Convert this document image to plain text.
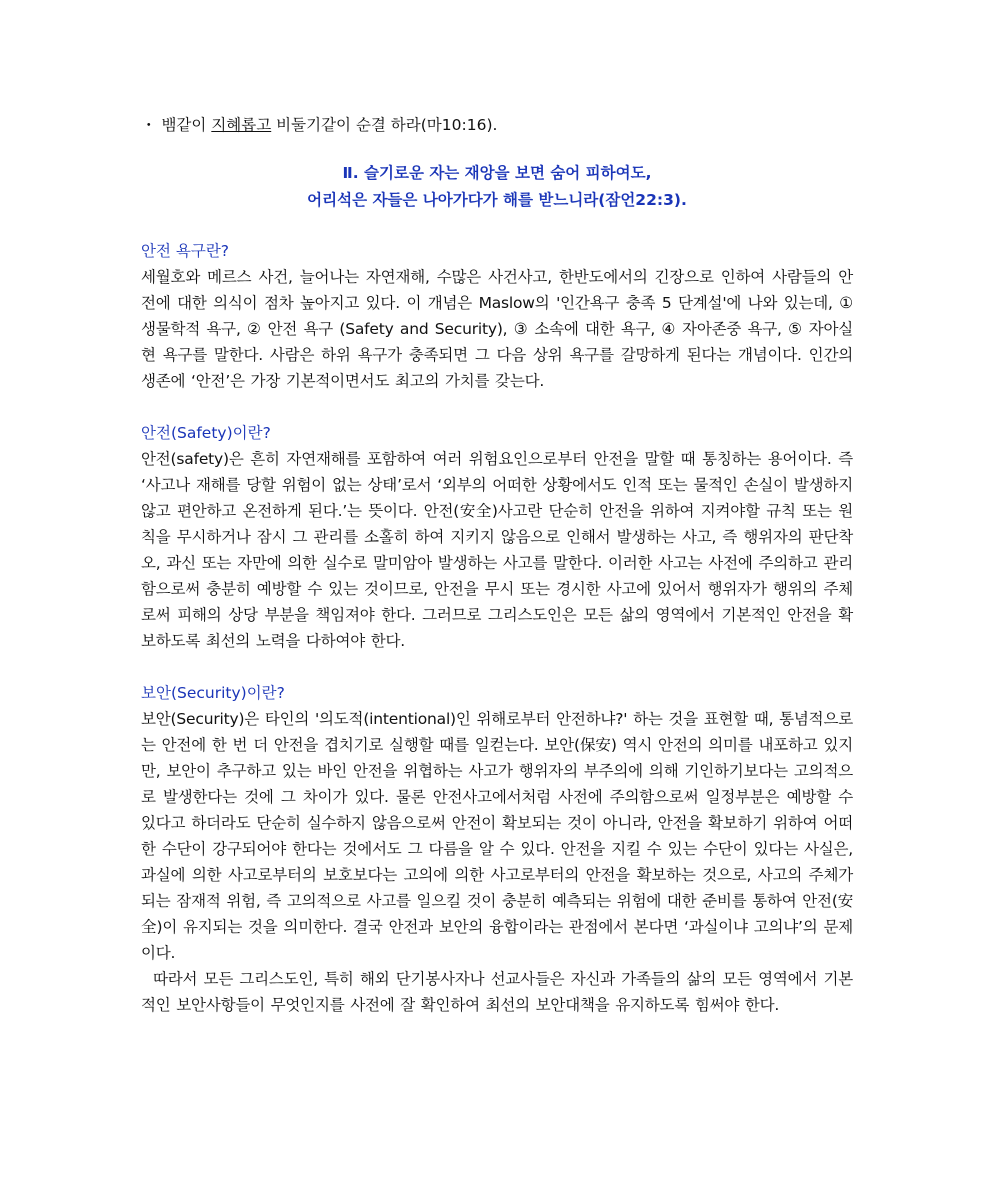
・ 뱀같이 지혜롭고 비둘기같이 순결 하라(마10:16).

Ⅱ. 슬기로운 자는 재앙을 보면 숨어 피하여도,
어리석은 자들은 나아가다가 해를 받느니라(잠언22:3).

안전 욕구란?

세월호와 메르스 사건, 늘어나는 자연재해, 수많은 사건사고, 한반도에서의 긴장으로 인하여 사람들의 안전에 대한 의식이 점차 높아지고 있다. 이 개념은 Maslow의 '인간욕구 충족 5 단계설'에 나와 있는데, ① 생물학적 욕구, ② 안전 욕구 (Safety and Security), ③ 소속에 대한 욕구, ④ 자아존중 욕구, ⑤ 자아실현 욕구를 말한다. 사람은 하위 욕구가 충족되면 그 다음 상위 욕구를 갈망하게 된다는 개념이다. 인간의 생존에 ‘안전’은 가장 기본적이면서도 최고의 가치를 갖는다.

안전(Safety)이란?

안전(safety)은 흔히 자연재해를 포함하여 여러 위험요인으로부터 안전을 말할 때 통칭하는 용어이다. 즉 ‘사고나 재해를 당할 위험이 없는 상태’로서 ‘외부의 어떠한 상황에서도 인적 또는 물적인 손실이 발생하지 않고 편안하고 온전하게 된다.’는 뜻이다. 안전(安全)사고란 단순히 안전을 위하여 지켜야할 규칙 또는 원칙을 무시하거나 잠시 그 관리를 소홀히 하여 지키지 않음으로 인해서 발생하는 사고, 즉 행위자의 판단착오, 과신 또는 자만에 의한 실수로 말미암아 발생하는 사고를 말한다. 이러한 사고는 사전에 주의하고 관리함으로써 충분히 예방할 수 있는 것이므로, 안전을 무시 또는 경시한 사고에 있어서 행위자가 행위의 주체로써 피해의 상당 부분을 책임져야 한다. 그러므로 그리스도인은 모든 삶의 영역에서 기본적인 안전을 확보하도록 최선의 노력을 다하여야 한다.

보안(Security)이란?

보안(Security)은 타인의 '의도적(intentional)인 위해로부터 안전하냐?' 하는 것을 표현할 때, 통념적으로는 안전에 한 번 더 안전을 겹치기로 실행할 때를 일컫는다. 보안(保安) 역시 안전의 의미를 내포하고 있지만, 보안이 추구하고 있는 바인 안전을 위협하는 사고가 행위자의 부주의에 의해 기인하기보다는 고의적으로 발생한다는 것에 그 차이가 있다. 물론 안전사고에서처럼 사전에 주의함으로써 일정부분은 예방할 수 있다고 하더라도 단순히 실수하지 않음으로써 안전이 확보되는 것이 아니라, 안전을 확보하기 위하여 어떠한 수단이 강구되어야 한다는 것에서도 그 다름을 알 수 있다. 안전을 지킬 수 있는 수단이 있다는 사실은, 과실에 의한 사고로부터의 보호보다는 고의에 의한 사고로부터의 안전을 확보하는 것으로, 사고의 주체가 되는 잠재적 위험, 즉 고의적으로 사고를 일으킬 것이 충분히 예측되는 위험에 대한 준비를 통하여 안전(安全)이 유지되는 것을 의미한다. 결국 안전과 보안의 융합이라는 관점에서 본다면 ‘과실이냐 고의냐’의 문제이다.

따라서 모든 그리스도인, 특히 해외 단기봉사자나 선교사들은 자신과 가족들의 삶의 모든 영역에서 기본적인 보안사항들이 무엇인지를 사전에 잘 확인하여 최선의 보안대책을 유지하도록 힘써야 한다.
